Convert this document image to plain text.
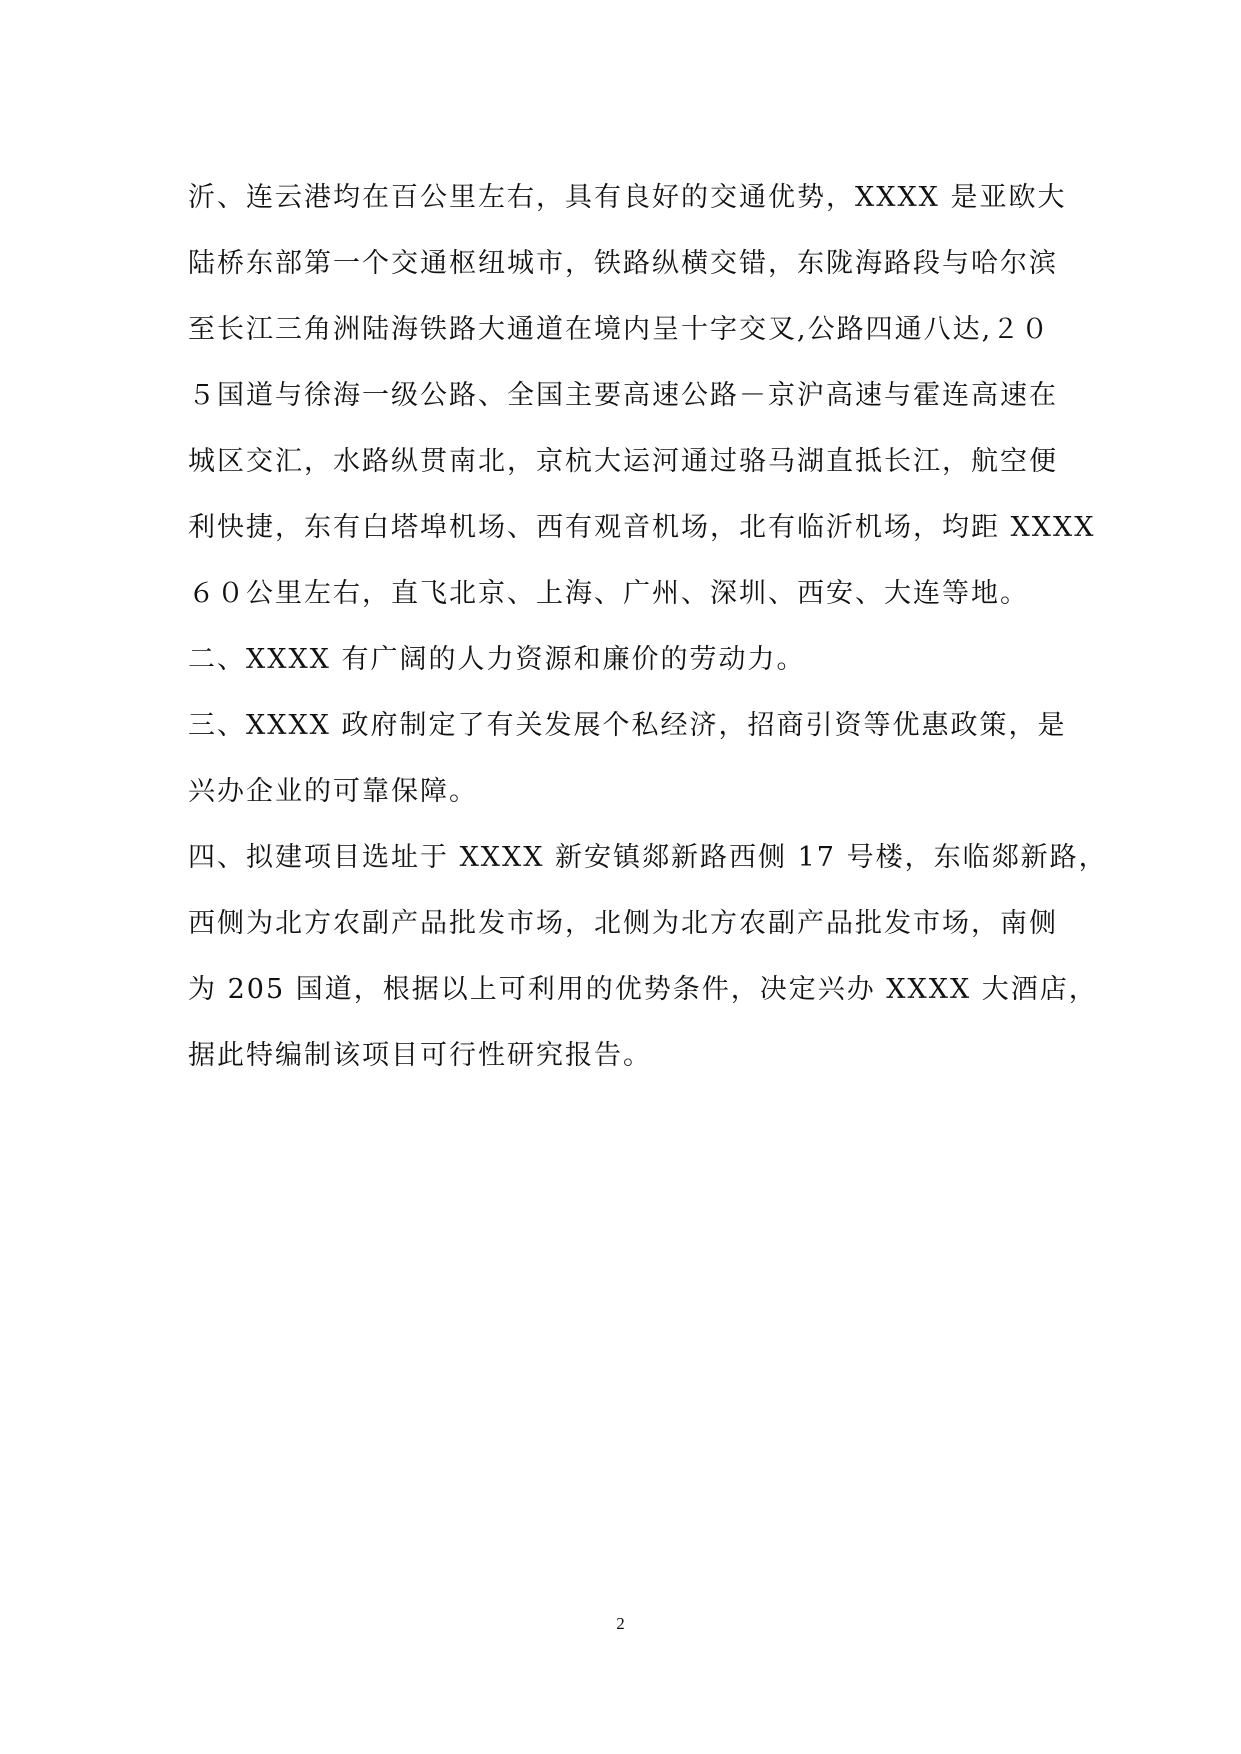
沂、连云港均在百公里左右，具有良好的交通优势，XXXX 是亚欧大
陆桥东部第一个交通枢纽城市，铁路纵横交错，东陇海路段与哈尔滨
至长江三角洲陆海铁路大通道在境内呈十字交叉,公路四通八达,２０
５国道与徐海一级公路、全国主要高速公路－京沪高速与霍连高速在
城区交汇，水路纵贯南北，京杭大运河通过骆马湖直抵长江，航空便
利快捷，东有白塔埠机场、西有观音机场，北有临沂机场，均距 XXXX
６０公里左右，直飞北京、上海、广州、深圳、西安、大连等地。
二、XXXX 有广阔的人力资源和廉价的劳动力。
三、XXXX 政府制定了有关发展个私经济，招商引资等优惠政策，是
兴办企业的可靠保障。
四、拟建项目选址于 XXXX 新安镇郯新路西侧 17 号楼，东临郯新路，
西侧为北方农副产品批发市场，北侧为北方农副产品批发市场，南侧
为 205 国道，根据以上可利用的优势条件，决定兴办 XXXX 大酒店，
据此特编制该项目可行性研究报告。
2
